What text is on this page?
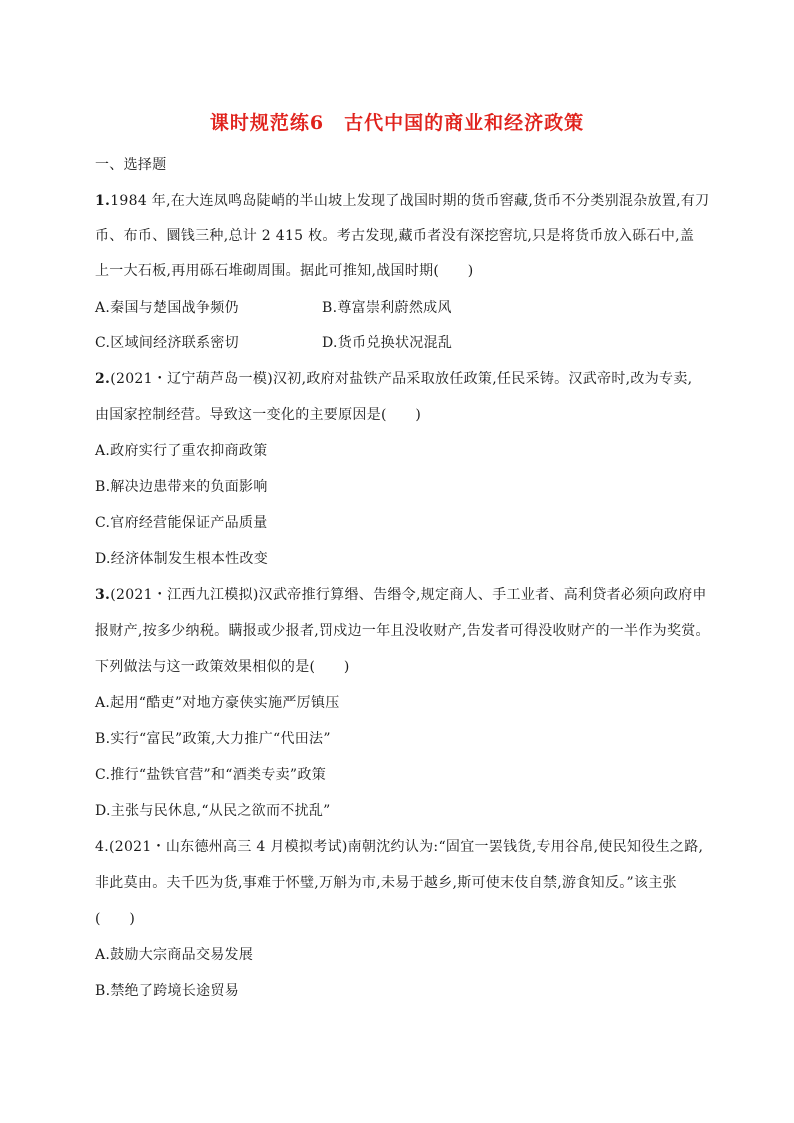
课时规范练6　古代中国的商业和经济政策
一、选择题
1.1984 年,在大连凤鸣岛陡峭的半山坡上发现了战国时期的货币窖藏,货币不分类别混杂放置,有刀
币、布币、圜钱三种,总计 2 415 枚。考古发现,藏币者没有深挖窖坑,只是将货币放入砾石中,盖
上一大石板,再用砾石堆砌周围。据此可推知,战国时期(　　)
A.秦国与楚国战争频仍	B.尊富崇利蔚然成风
C.区域间经济联系密切	D.货币兑换状况混乱
2.(2021・辽宁葫芦岛一模)汉初,政府对盐铁产品采取放任政策,任民采铸。汉武帝时,改为专卖,
由国家控制经营。导致这一变化的主要原因是(　　)
A.政府实行了重农抑商政策
B.解决边患带来的负面影响
C.官府经营能保证产品质量
D.经济体制发生根本性改变
3.(2021・江西九江模拟)汉武帝推行算缗、告缗令,规定商人、手工业者、高利贷者必须向政府申
报财产,按多少纳税。瞒报或少报者,罚戍边一年且没收财产,告发者可得没收财产的一半作为奖赏。
下列做法与这一政策效果相似的是(　　)
A.起用“酷吏”对地方豪侠实施严厉镇压
B.实行“富民”政策,大力推广“代田法”
C.推行“盐铁官营”和“酒类专卖”政策
D.主张与民休息,“从民之欲而不扰乱”
4.(2021・山东德州高三 4 月模拟考试)南朝沈约认为:“固宜一罢钱货,专用谷帛,使民知役生之路,
非此莫由。夫千匹为货,事难于怀璧,万斛为市,未易于越乡,斯可使末伎自禁,游食知反。”该主张
(　　)
A.鼓励大宗商品交易发展
B.禁绝了跨境长途贸易
